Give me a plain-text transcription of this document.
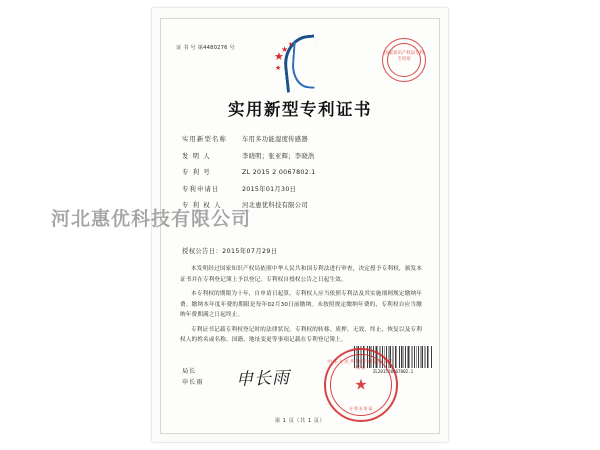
证 书 号 第4480276 号
★
★
★
★
国家知识产权局专利专用章
实用新型专利证书
实用新型名称	车用多功能湿度传感器
发 明 人	李晓明；张亚辉；李晓浩
专 利 号	ZL 2015 2 0067802.1
专利申请日	2015年01月30日
专 利 权 人	河北惠优科技有限公司
授权公告日：2015年07月29日

本发明经过国家知识产权局依照中华人民共和国专利法进行审查，决定授予专利权，颁发本证书并在专利登记簿上予以登记。专利权自授权公告之日起生效。

本专利权的期限为十年，自申请日起算。专利权人应当依照专利法及其实施细则规定缴纳年费。缴纳本年度年费的期限是每年02月30日前缴纳。未按照规定缴纳年费的，专利权自应当缴纳年费期满之日起终止。

专利证书记载专利权登记时的法律状况。专利权的转移、质押、无效、终止、恢复以及专利权人的姓名或名称、国籍、地址变更等事项记载在专利登记簿上。

局长
申长雨 申长雨	ZL201520067802.1
中华人民共和国国家知识产权局
★
专利专用章
第 1 页（共 1 页）
河北惠优科技有限公司
